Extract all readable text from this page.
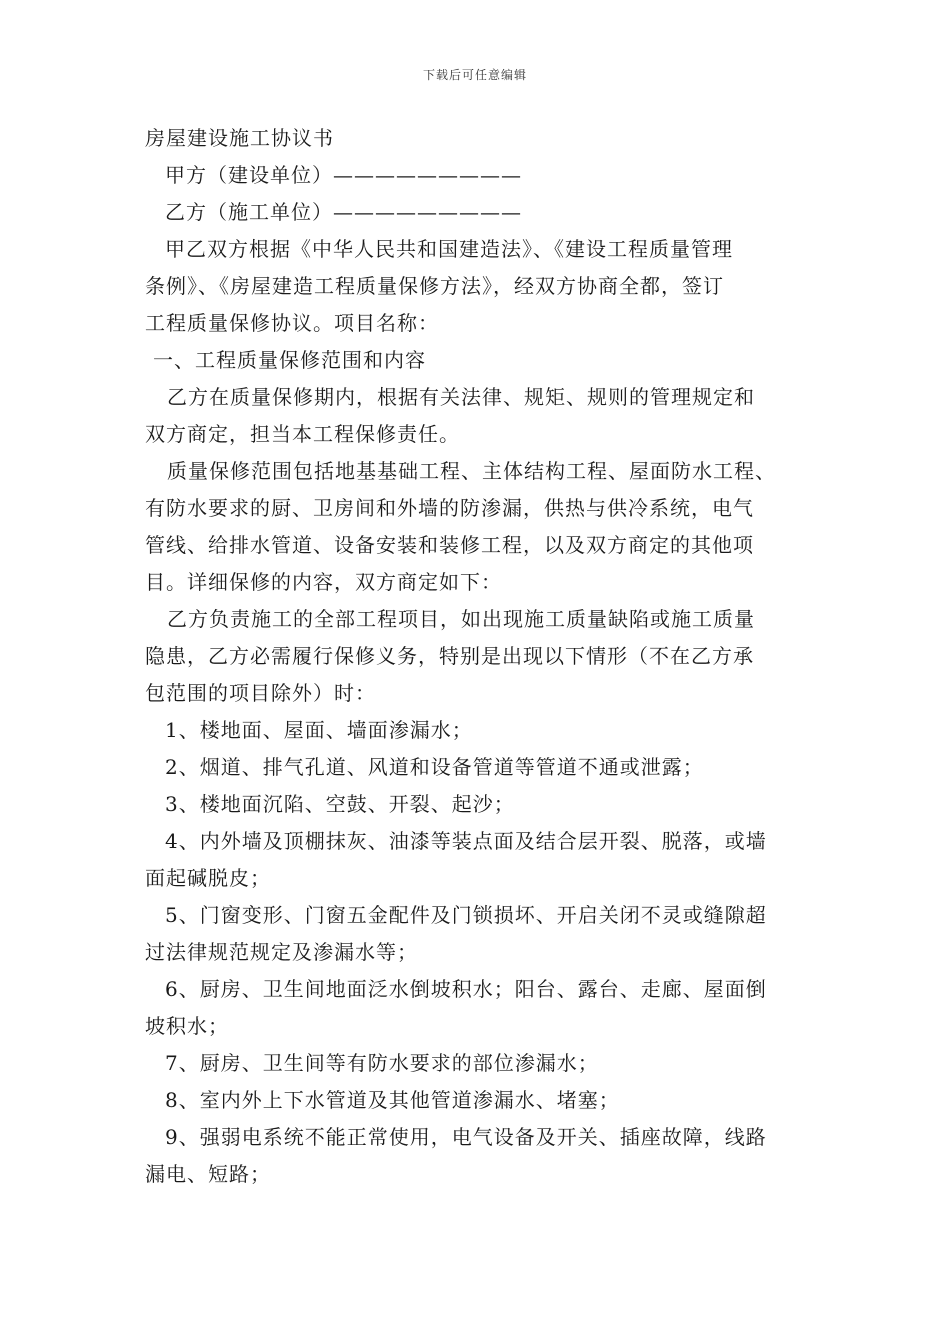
下载后可任意编辑
房屋建设施工协议书
甲方（建设单位）—————————
乙方（施工单位）—————————
甲乙双方根据《中华人民共和国建造法》、《建设工程质量管理
条例》、《房屋建造工程质量保修方法》，经双方协商全都，签订
工程质量保修协议。项目名称：
一、工程质量保修范围和内容
乙方在质量保修期内，根据有关法律、规矩、规则的管理规定和
双方商定，担当本工程保修责任。
质量保修范围包括地基基础工程、主体结构工程、屋面防水工程、
有防水要求的厨、卫房间和外墙的防渗漏，供热与供冷系统，电气
管线、给排水管道、设备安装和装修工程，以及双方商定的其他项
目。详细保修的内容，双方商定如下：
乙方负责施工的全部工程项目，如出现施工质量缺陷或施工质量
隐患，乙方必需履行保修义务，特别是出现以下情形（不在乙方承
包范围的项目除外）时：
1、楼地面、屋面、墙面渗漏水；
2、烟道、排气孔道、风道和设备管道等管道不通或泄露；
3、楼地面沉陷、空鼓、开裂、起沙；
4、内外墙及顶棚抹灰、油漆等装点面及结合层开裂、脱落，或墙
面起碱脱皮；
5、门窗变形、门窗五金配件及门锁损坏、开启关闭不灵或缝隙超
过法律规范规定及渗漏水等；
6、厨房、卫生间地面泛水倒坡积水；阳台、露台、走廊、屋面倒
坡积水；
7、厨房、卫生间等有防水要求的部位渗漏水；
8、室内外上下水管道及其他管道渗漏水、堵塞；
9、强弱电系统不能正常使用，电气设备及开关、插座故障，线路
漏电、短路；
